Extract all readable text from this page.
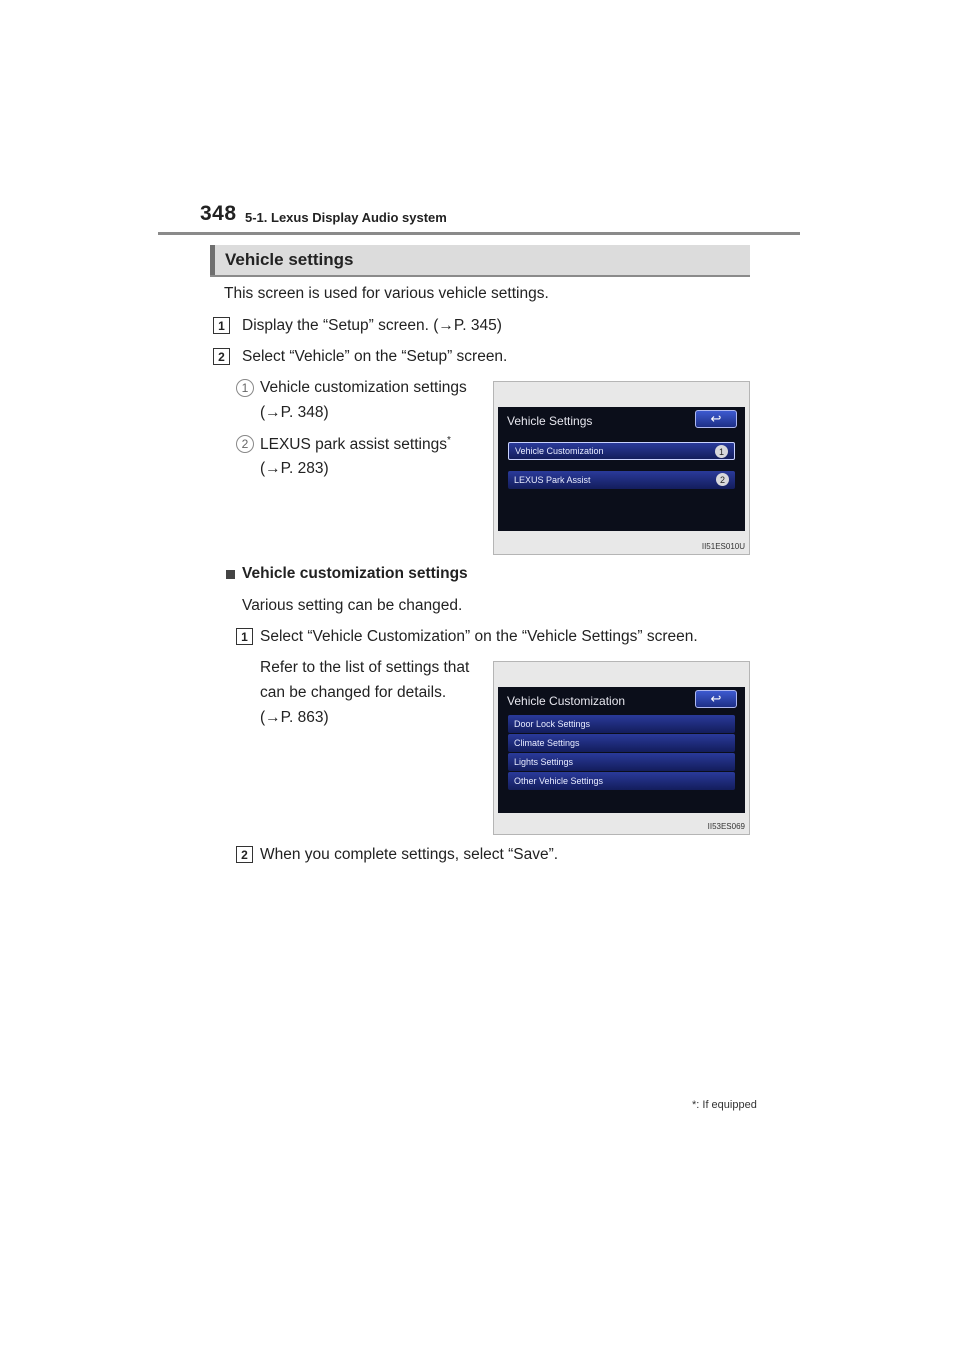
348 5-1. Lexus Display Audio system
Vehicle settings
This screen is used for various vehicle settings.
1	Display the “Setup” screen. (→P. 345)
2	Select “Vehicle” on the “Setup” screen.
1 Vehicle customization settings
(→P. 348)
2 LEXUS park assist settings*
(→P. 283)
Vehicle Settings	↩
Vehicle Customization	1
LEXUS Park Assist	2
II51ES010U
Vehicle customization settings
Various setting can be changed.
1 Select “Vehicle Customization” on the “Vehicle Settings” screen.
Refer to the list of settings that
can be changed for details.
(→P. 863)
Vehicle Customization	↩
Door Lock Settings
Climate Settings
Lights Settings
Other Vehicle Settings
II53ES069
2 When you complete settings, select “Save”.
*: If equipped
